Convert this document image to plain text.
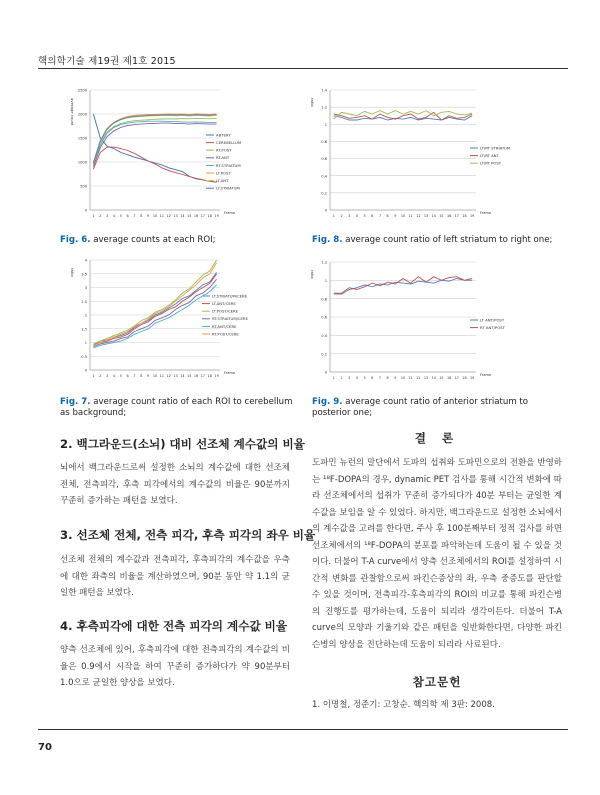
핵의학기술 제19권 제1호 2015
0
500
1000
1500
2000
2500
1 2 3 4 5 6 7 8 9 10 11 12 13 14 15 16 17 18 19
Frame
average count
ABTERY
CEREBELLUM
RT.POST
RT.ANT
RT.STRIATUM
LT.POST
LT.ANT
LT.STRIATUM
0
0.5
1
1.5
2
2.5
3
3.5
4
1 2 3 4 5 6 7 8 9 10 11 12 13 14 15 16 17 18 19
Frame
ratio
LT.STRIATUM/CERE
LT.ANT/CERE
LT.POST/CERE
RT.STRIATUM/CERE
RT.ANT/CERE
RT.POST/CERE
0
0.2
0.4
0.6
0.8
1
1.2
1.4
1 2 3 4 5 6 7 8 9 10 11 12 13 14 15 16 17 18 19
Frame
ratio
LT/RT STRIATUM
LT/RT ANT
LT/RT POST
0
0.2
0.4
0.6
0.8
1
1.2
1 2 3 4 5 6 7 8 9 10 11 12 13 14 15 16 17 18 19
Frame
ratio
LT ANT/POST
RT ANT/POST
Fig. 6. average counts at each ROI;
Fig. 7. average count ratio of each ROI to cerebellum as background;
Fig. 8. average count ratio of left striatum to right one;
Fig. 9. average count ratio of anterior striatum to posterior one;
2. 백그라운드(소뇌) 대비 선조체 계수값의 비율

뇌에서 백그라운드로써 설정한 소뇌의 계수값에 대한 선조체 전체, 전측피각, 후측 피각에서의 계수값의 비율은 90분까지 꾸준히 증가하는 패턴을 보였다.

3. 선조체 전체, 전측 피각, 후측 피각의 좌우 비율

선조체 전체의 계수값과 전측피각, 후측피각의 계수값을 우측에 대한 좌측의 비율을 계산하였으며, 90분 동안 약 1.1의 균일한 패턴을 보였다.

4. 후측피각에 대한 전측 피각의 계수값 비율

양측 선조체에 있어, 후측피각에 대한 전측피각의 계수값의 비율은 0.9에서 시작을 하여 꾸준히 증가하다가 약 90분부터 1.0으로 균일한 양상을 보였다.

결 론

도파민 뉴런의 말단에서 도파의 섭취와 도파민으로의 전환을 반영하는 ¹⁸F-DOPA의 경우, dynamic PET 검사를 통해 시간적 변화에 따라 선조체에서의 섭취가 꾸준히 증가되다가 40분 부터는 균일한 계수값을 보임을 알 수 있었다. 하지만, 백그라운드로 설정한 소뇌에서의 계수값을 고려를 한다면, 주사 후 100분째부터 정적 검사를 하면 선조체에서의 ¹⁸F-DOPA의 분포를 파악하는데 도움이 될 수 있을 것이다. 더불어 T-A curve에서 양측 선조체에서의 ROI를 설정하여 시간적 변화를 관찰함으로써 파킨슨증상의 좌, 우측 중증도를 판단할 수 있을 것이며, 전측피각-후측피각의 ROI의 비교를 통해 파킨슨병의 진행도를 평가하는데, 도움이 되리라 생각이든다. 더불어 T-A curve의 모양과 기울기와 같은 패턴을 일반화한다면, 다양한 파킨슨병의 양상을 진단하는데 도움이 되리라 사료된다.

참고문헌

1. 이명철, 정준기: 고창순. 핵의학 제 3판: 2008.

70
